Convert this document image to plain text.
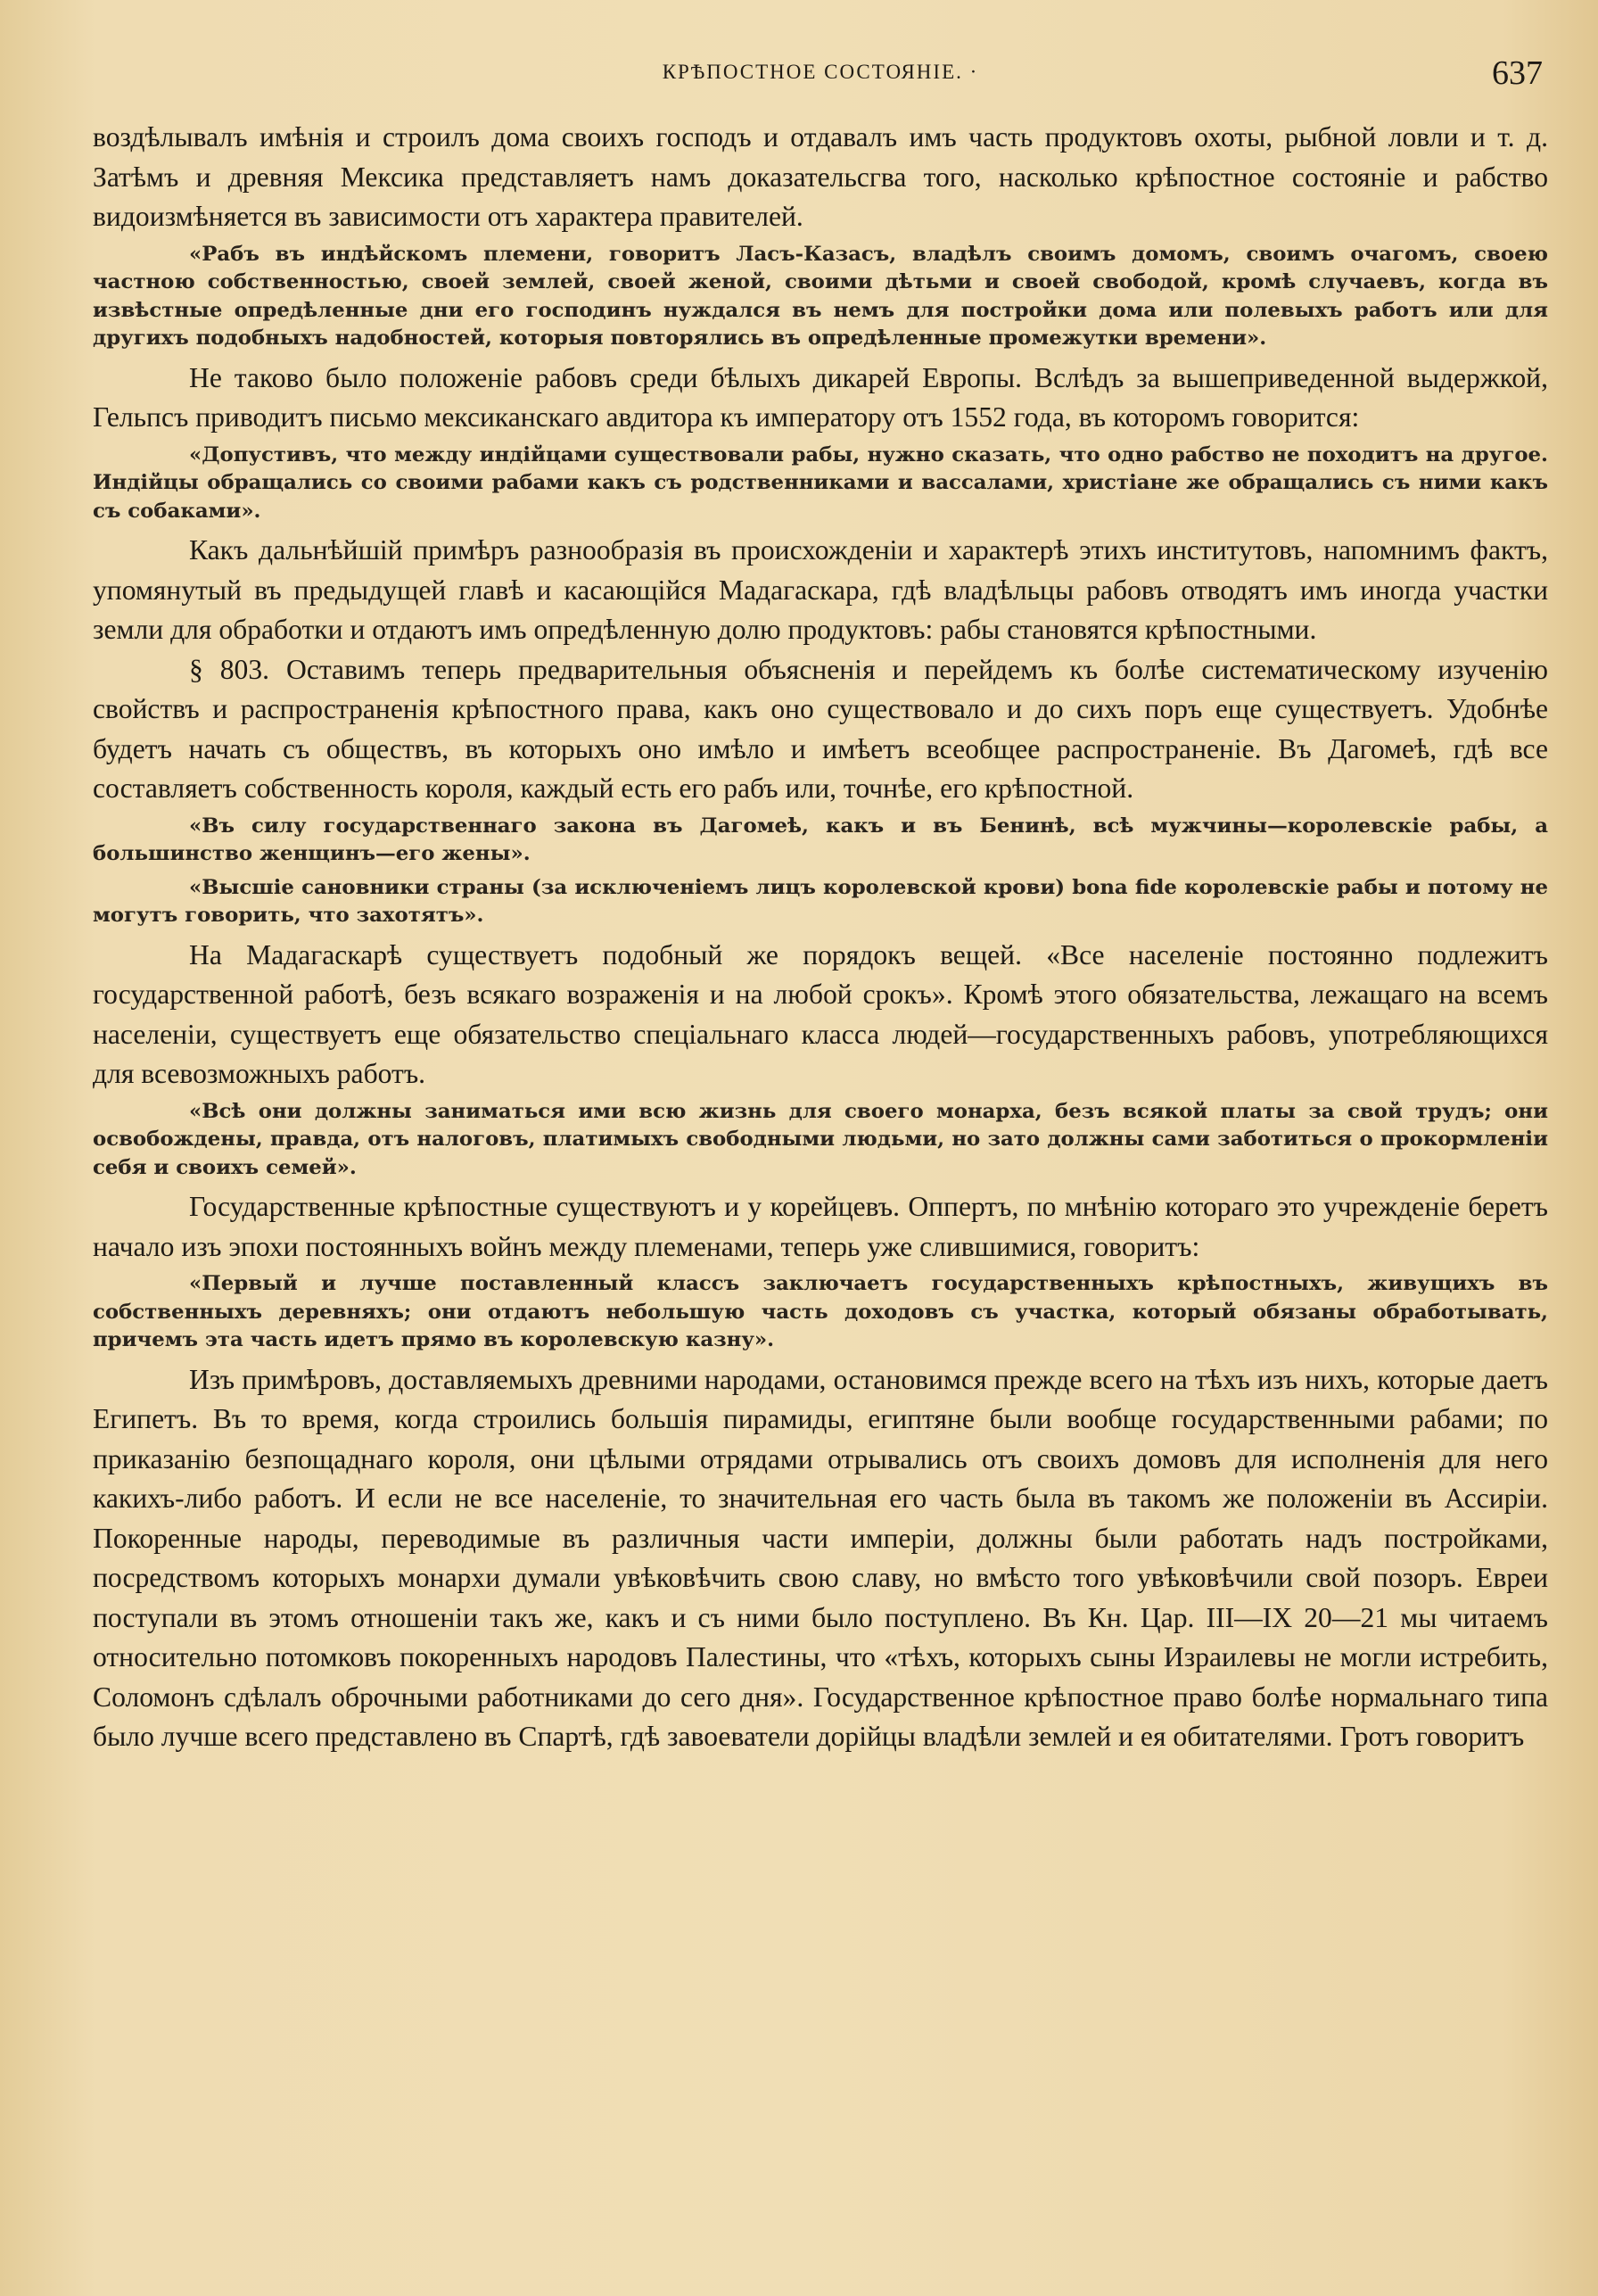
КРѢПОСТНОЕ СОСТОЯНІЕ. ·	637

воздѣлывалъ имѣнія и строилъ дома своихъ господъ и отдавалъ имъ часть продуктовъ охоты, рыбной ловли и т. д. Затѣмъ и древняя Мексика представляетъ намъ доказательсгва того, насколько крѣпостное состояніе и рабство видоизмѣняется въ зависимости отъ характера правителей.

«Рабъ въ индѣйскомъ племени, говоритъ Ласъ-Казасъ, владѣлъ своимъ домомъ, своимъ очагомъ, своею частною собственностью, своей землей, своей женой, своими дѣтьми и своей свободой, кромѣ случаевъ, когда въ извѣстные опредѣленные дни его господинъ нуждался въ немъ для постройки дома или полевыхъ работъ или для другихъ подобныхъ надобностей, которыя повторялись въ опредѣленные промежутки времени».

Не таково было положеніе рабовъ среди бѣлыхъ дикарей Европы. Вслѣдъ за вышеприведенной выдержкой, Гельпсъ приводитъ письмо мексиканскаго авдитора къ императору отъ 1552 года, въ которомъ говорится:

«Допустивъ, что между индійцами существовали рабы, нужно сказать, что одно рабство не походитъ на другое. Индійцы обращались со своими рабами какъ съ родственниками и вассалами, христіане же обращались съ ними какъ съ собаками».

Какъ дальнѣйшій примѣръ разнообразія въ происхожденіи и характерѣ этихъ институтовъ, напомнимъ фактъ, упомянутый въ предыдущей главѣ и касающійся Мадагаскара, гдѣ владѣльцы рабовъ отводятъ имъ иногда участки земли для обработки и отдаютъ имъ опредѣленную долю продуктовъ: рабы становятся крѣпостными.

§ 803. Оставимъ теперь предварительныя объясненія и перейдемъ къ болѣе систематическому изученію свойствъ и распространенія крѣпостного права, какъ оно существовало и до сихъ поръ еще существуетъ. Удобнѣе будетъ начать съ обществъ, въ которыхъ оно имѣло и имѣетъ всеобщее распространеніе. Въ Дагомеѣ, гдѣ все составляетъ собственность короля, каждый есть его рабъ или, точнѣе, его крѣпостной.

«Въ силу государственнаго закона въ Дагомеѣ, какъ и въ Бенинѣ, всѣ мужчины—королевскіе рабы, а большинство женщинъ—его жены».

«Высшіе сановники страны (за исключеніемъ лицъ королевской крови) bona fide королевскіе рабы и потому не могутъ говорить, что захотятъ».

На Мадагаскарѣ существуетъ подобный же порядокъ вещей. «Все населеніе постоянно подлежитъ государственной работѣ, безъ всякаго возраженія и на любой срокъ». Кромѣ этого обязательства, лежащаго на всемъ населеніи, существуетъ еще обязательство спеціальнаго класса людей—государственныхъ рабовъ, употребляющихся для всевозможныхъ работъ.

«Всѣ они должны заниматься ими всю жизнь для своего монарха, безъ всякой платы за свой трудъ; они освобождены, правда, отъ налоговъ, платимыхъ свободными людьми, но зато должны сами заботиться о прокормленіи себя и своихъ семей».

Государственные крѣпостные существуютъ и у корейцевъ. Оппертъ, по мнѣнію котораго это учрежденіе беретъ начало изъ эпохи постоянныхъ войнъ между племенами, теперь уже слившимися, говоритъ:

«Первый и лучше поставленный классъ заключаетъ государственныхъ крѣпостныхъ, живущихъ въ собственныхъ деревняхъ; они отдаютъ небольшую часть доходовъ съ участка, который обязаны обработывать, причемъ эта часть идетъ прямо въ королевскую казну».

Изъ примѣровъ, доставляемыхъ древними народами, остановимся прежде всего на тѣхъ изъ нихъ, которые даетъ Египетъ. Въ то время, когда строились большія пирамиды, египтяне были вообще государственными рабами; по приказанію безпощаднаго короля, они цѣлыми отрядами отрывались отъ своихъ домовъ для исполненія для него какихъ-либо работъ. И если не все населеніе, то значительная его часть была въ такомъ же положеніи въ Ассиріи. Покоренные народы, переводимые въ различныя части имперіи, должны были работать надъ постройками, посредствомъ которыхъ монархи думали увѣковѣчить свою славу, но вмѣсто того увѣковѣчили свой позоръ. Евреи поступали въ этомъ отношеніи такъ же, какъ и съ ними было поступлено. Въ Кн. Цар. III—IX 20—21 мы читаемъ относительно потомковъ покоренныхъ народовъ Палестины, что «тѣхъ, которыхъ сыны Израилевы не могли истребить, Соломонъ сдѣлалъ оброчными работниками до сего дня». Государственное крѣпостное право болѣе нормальнаго типа было лучше всего представлено въ Спартѣ, гдѣ завоеватели дорійцы владѣли землей и ея обитателями. Гротъ говоритъ
